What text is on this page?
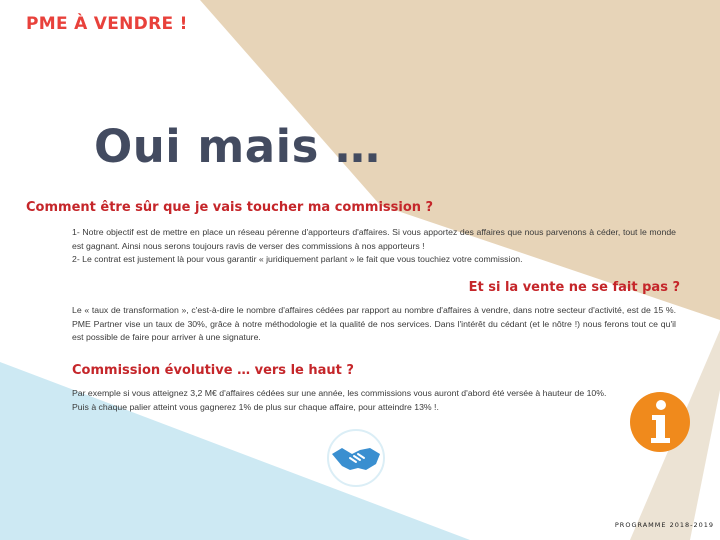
PME À VENDRE !
Oui mais …
Comment être sûr que je vais toucher ma commission ?

1- Notre objectif est de mettre en place un réseau pérenne d'apporteurs d'affaires. Si vous apportez des affaires que nous parvenons à céder, tout le monde est gagnant. Ainsi nous serons toujours ravis de verser des commissions à nos apporteurs !

2- Le contrat est justement là pour vous garantir « juridiquement parlant » le fait que vous touchiez votre commission.

Et si la vente ne se fait pas ?

Le « taux de transformation », c'est-à-dire le nombre d'affaires cédées par rapport au nombre d'affaires à vendre, dans notre secteur d'activité, est de 15 %. PME Partner vise un taux de 30%, grâce à notre méthodologie et la qualité de nos services. Dans l'intérêt du cédant (et le nôtre !) nous ferons tout ce qu'il est possible de faire pour arriver à une signature.

Commission évolutive … vers le haut ?

Par exemple si vous atteignez 3,2 M€ d'affaires cédées sur une année, les commissions vous auront d'abord été versée à hauteur de 10%. Puis à chaque palier atteint vous gagnerez 1% de plus sur chaque affaire, pour atteindre 13% !.

PROGRAMME 2018-2019
